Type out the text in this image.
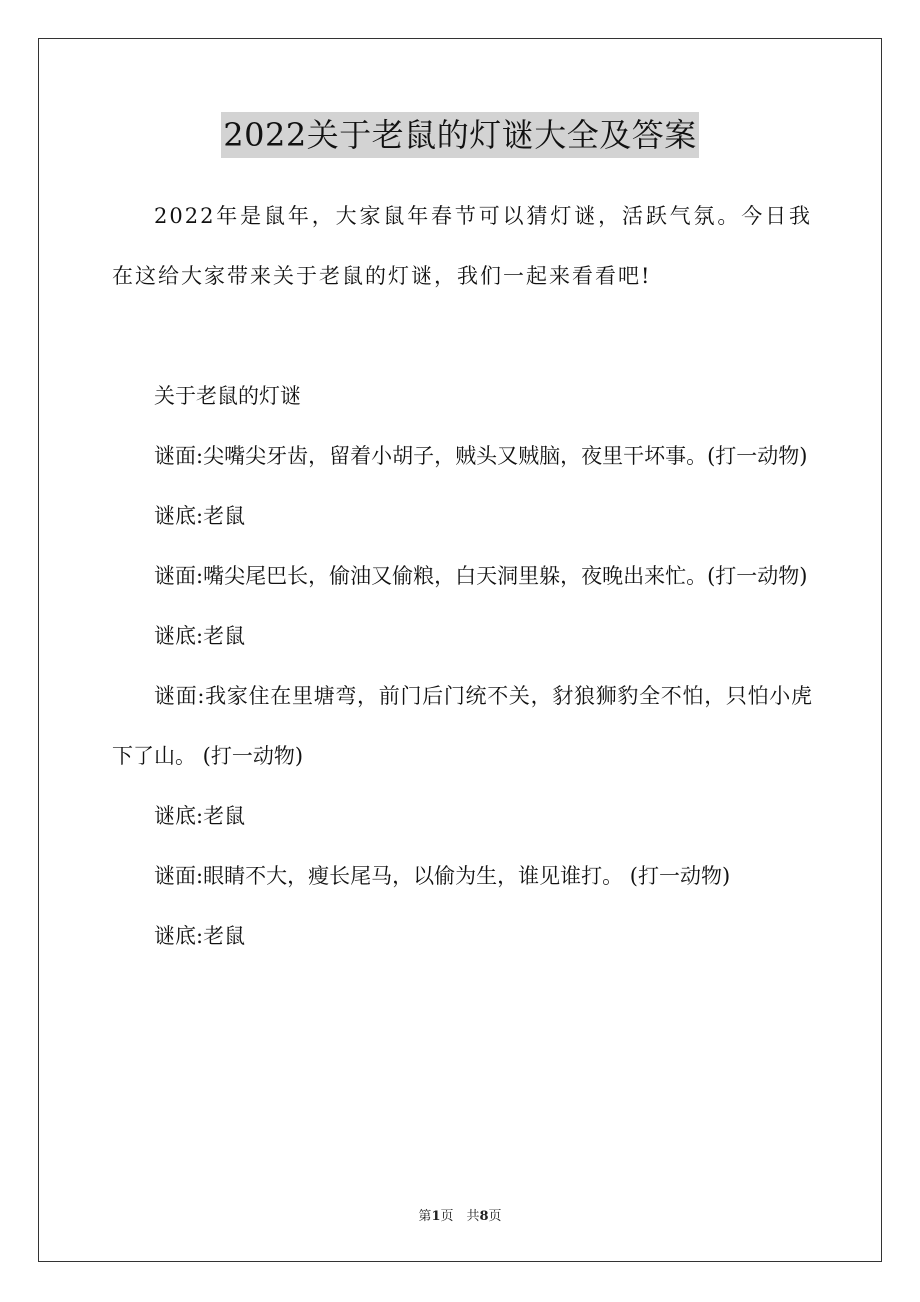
2022关于老鼠的灯谜大全及答案

2022年是鼠年，大家鼠年春节可以猜灯谜，活跃气氛。今日我在这给大家带来关于老鼠的灯谜，我们一起来看看吧!

关于老鼠的灯谜

谜面:尖嘴尖牙齿，留着小胡子，贼头又贼脑，夜里干坏事。(打一动物)

谜底:老鼠

谜面:嘴尖尾巴长，偷油又偷粮，白天洞里躲，夜晚出来忙。(打一动物)

谜底:老鼠

谜面:我家住在里塘弯，前门后门统不关，豺狼狮豹全不怕，只怕小虎下了山。 (打一动物)

谜底:老鼠

谜面:眼睛不大，瘦长尾马，以偷为生，谁见谁打。 (打一动物)

谜底:老鼠

第1页　共8页
